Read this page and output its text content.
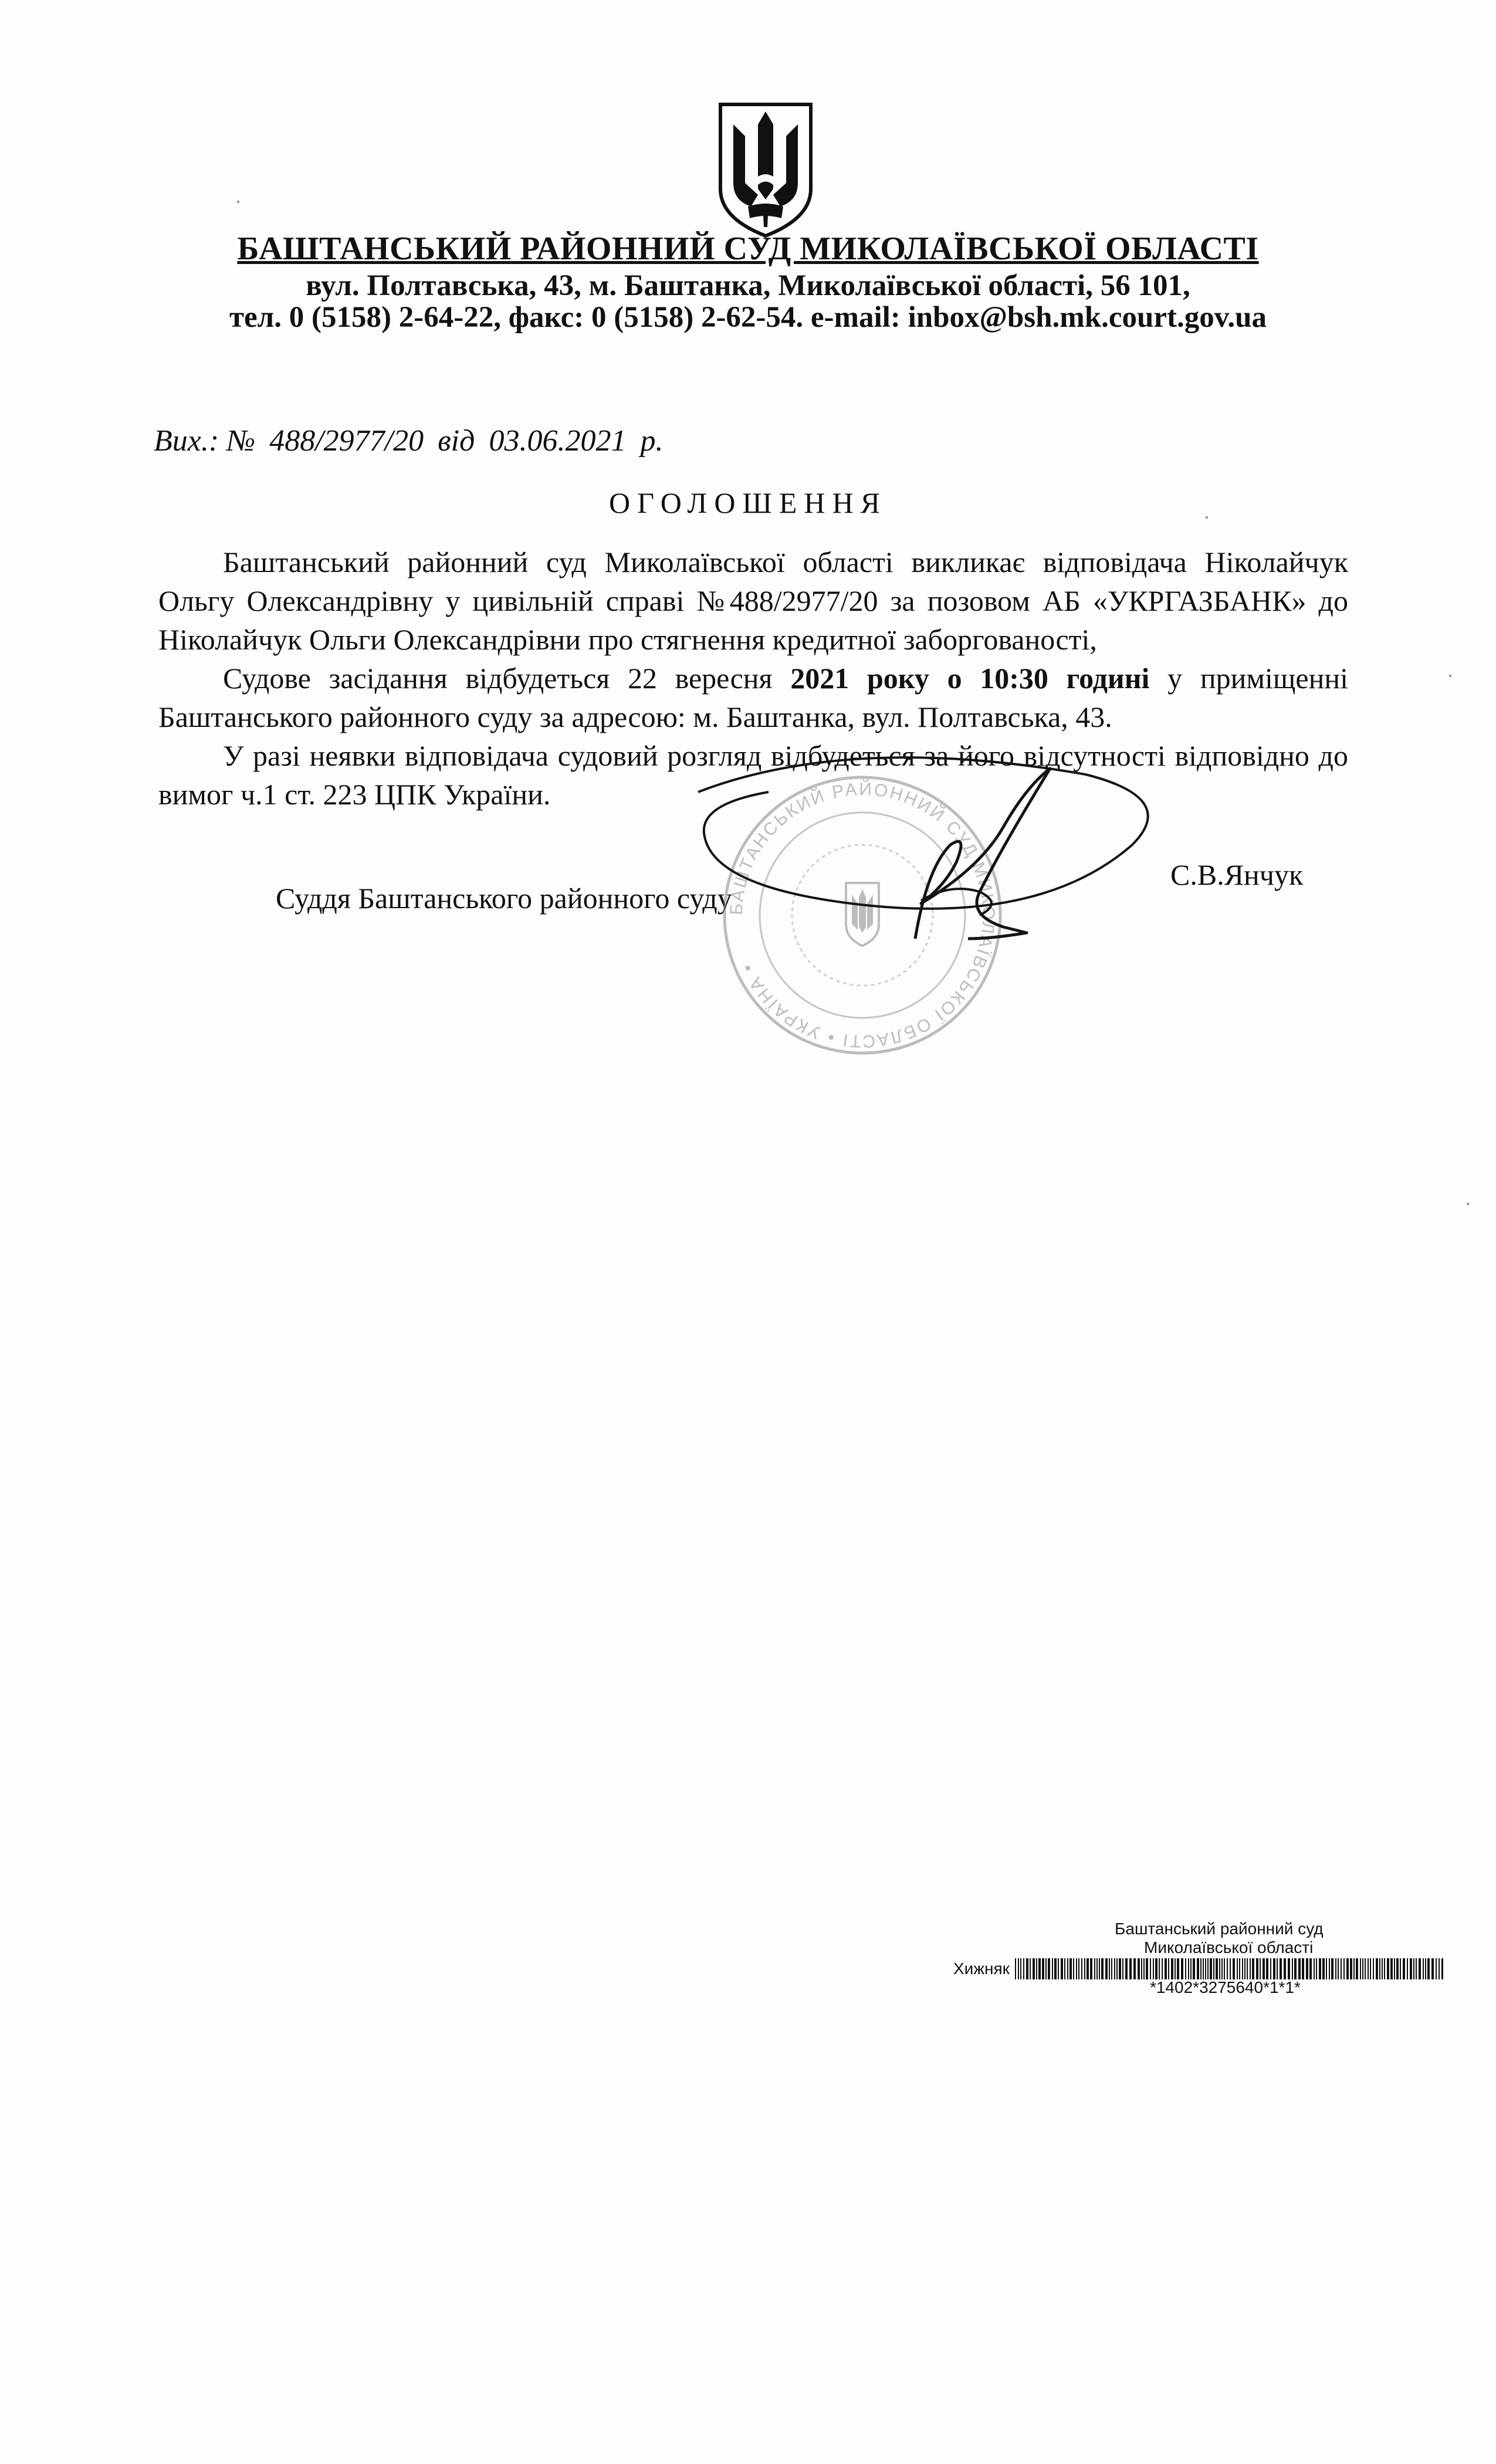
БАШТАНСЬКИЙ РАЙОННИЙ СУД МИКОЛАЇВСЬКОЇ ОБЛАСТІ
вул. Полтавська, 43, м. Баштанка, Миколаївської області, 56 101,
тел. 0 (5158) 2-64-22, факс: 0 (5158) 2-62-54. e-mail: inbox@bsh.mk.court.gov.ua
Вих.: № 488/2977/20 від 03.06.2021 р.
ОГОЛОШЕННЯ

Баштанський районний суд Миколаївської області викликає відповідача Ніколайчук Ольгу Олександрівну у цивільній справі №488/2977/20 за позовом АБ «УКРГАЗБАНК» до Ніколайчук Ольги Олександрівни про стягнення кредитної заборгованості,

Судове засідання відбудеться 22 вересня 2021 року о 10:30 годині у приміщенні Баштанського районного суду за адресою: м. Баштанка, вул. Полтавська, 43.

У разі неявки відповідача судовий розгляд відбудеться за його відсутності відповідно до вимог ч.1 ст. 223 ЦПК України.

Суддя Баштанського районного суду
С.В.Янчук
БАШТАНСЬКИЙ РАЙОННИЙ СУД МИКОЛАЇВСЬКОЇ ОБЛАСТІ • УКРАЇНА •
Баштанський районний суд
Миколаївської області
Хижняк
*1402*3275640*1*1*
